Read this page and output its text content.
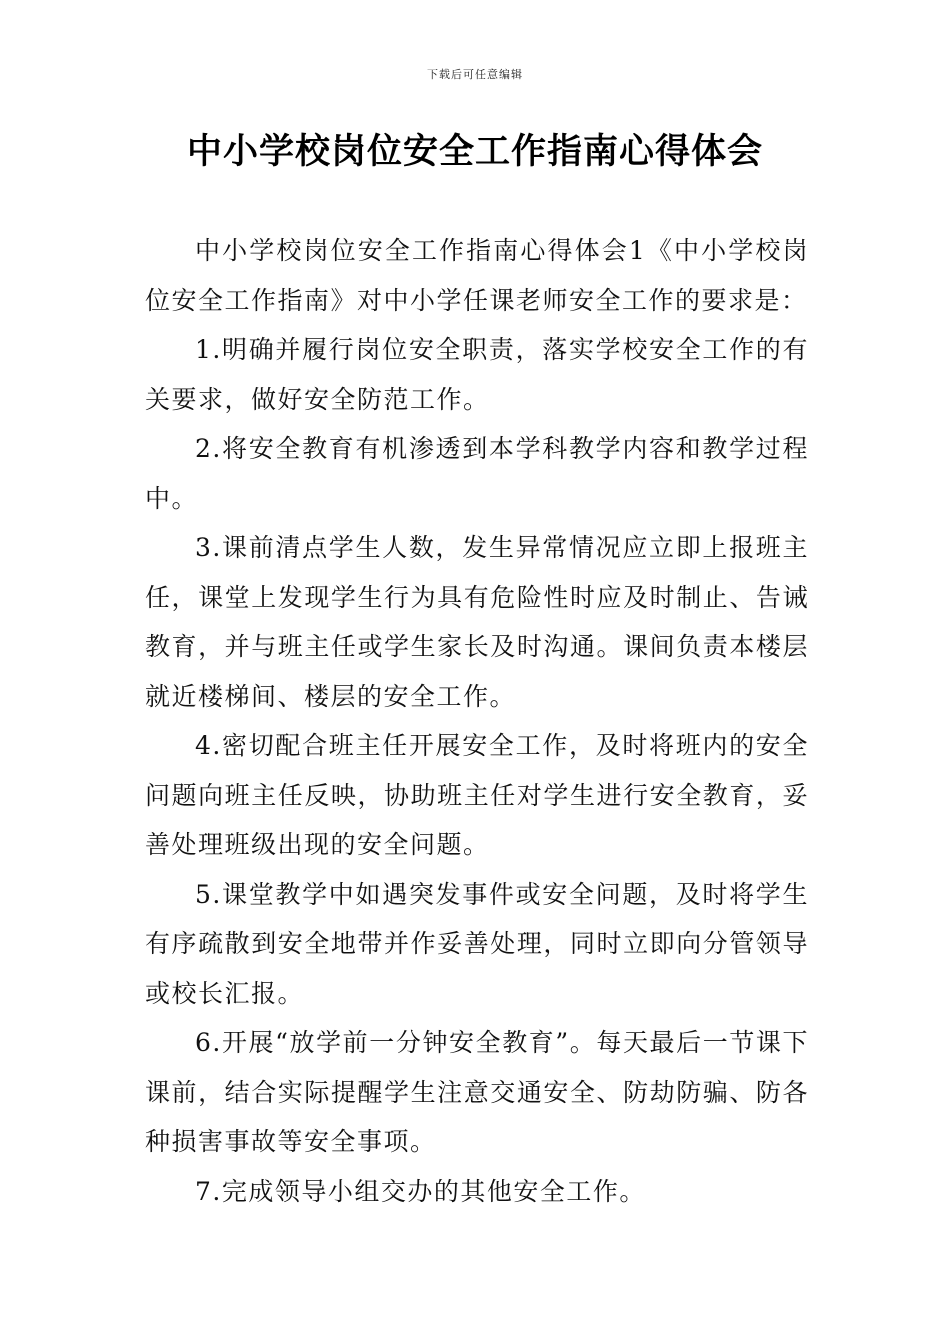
下载后可任意编辑
中小学校岗位安全工作指南心得体会

中小学校岗位安全工作指南心得体会1《中小学校岗位安全工作指南》对中小学任课老师安全工作的要求是：

1.明确并履行岗位安全职责，落实学校安全工作的有关要求，做好安全防范工作。

2.将安全教育有机渗透到本学科教学内容和教学过程中。

3.课前清点学生人数，发生异常情况应立即上报班主任，课堂上发现学生行为具有危险性时应及时制止、告诫教育，并与班主任或学生家长及时沟通。课间负责本楼层就近楼梯间、楼层的安全工作。

4.密切配合班主任开展安全工作，及时将班内的安全问题向班主任反映，协助班主任对学生进行安全教育，妥善处理班级出现的安全问题。

5.课堂教学中如遇突发事件或安全问题，及时将学生有序疏散到安全地带并作妥善处理，同时立即向分管领导或校长汇报。

6.开展“放学前一分钟安全教育”。每天最后一节课下课前，结合实际提醒学生注意交通安全、防劫防骗、防各种损害事故等安全事项。

7.完成领导小组交办的其他安全工作。
